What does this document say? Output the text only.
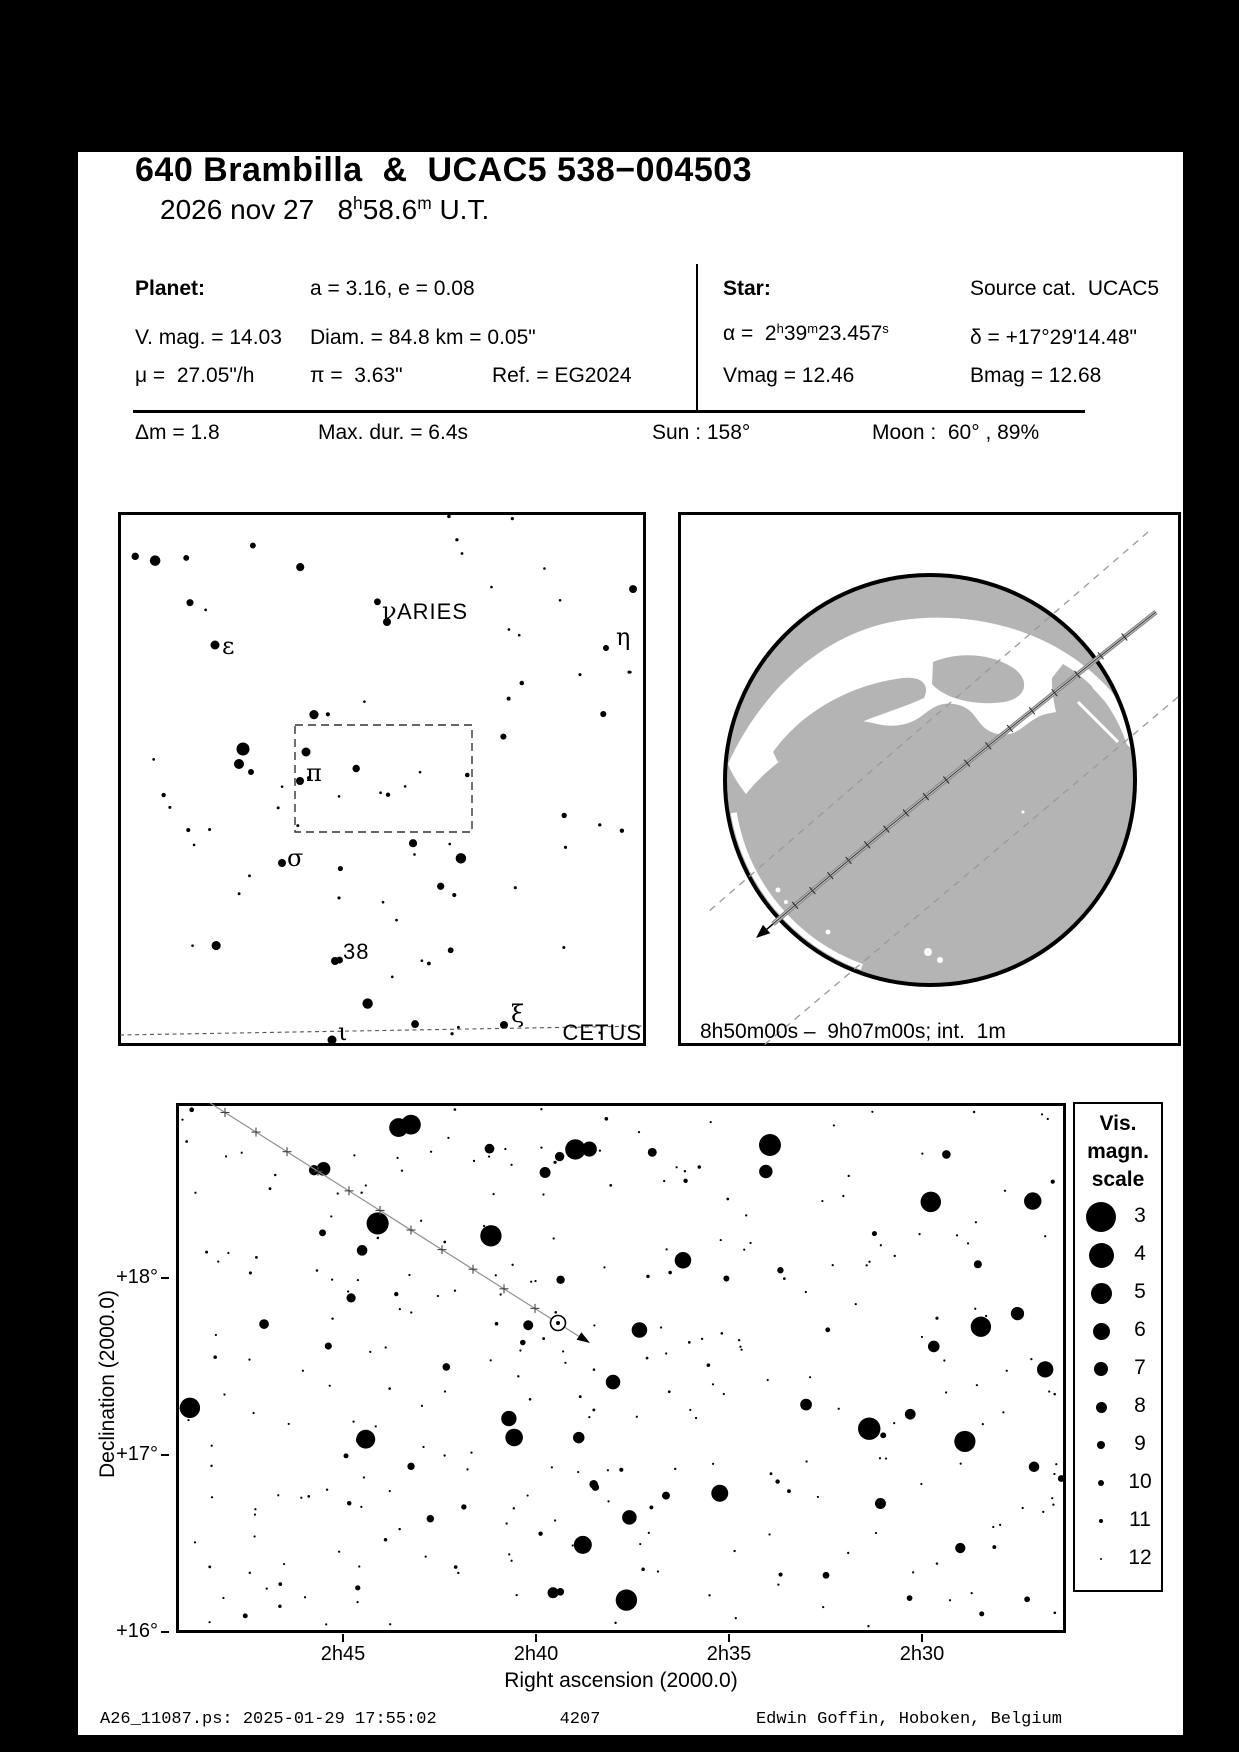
640 Brambilla  &  UCAC5 538−004503
2026 nov 27   8$^h$58.6$^m$ U.T.
Planet:	a = 3.16, e = 0.08	Star:	Source cat.  UCAC5
V. mag. = 14.03 Diam. = 84.8 km = 0.05"	α =  2$^h$39$^m$23.457$^s$	δ = +17°29'14.48"
μ =  27.05"/h	π =  3.63"	Ref. = EG2024	Vmag = 12.46	Bmag = 12.68
Δm = 1.8	Max. dur. = 6.4s	Sun : 158°	Moon :  60° , 89%
ν
ε	η
π
σ
ξ
ι
ARIES
38
CETUS	8h50m00s –  9h07m00s; int.  1m
Declination (2000.0)
Right ascension (2000.0)
+18°
+17°
+16°
2h45	2h40	2h35	2h30
Vis.
magn.
scale
3
4
5
6
7
8
9
10
11
12
A26_11087.ps: 2025-01-29 17:55:02	4207	Edwin Goffin, Hoboken, Belgium
